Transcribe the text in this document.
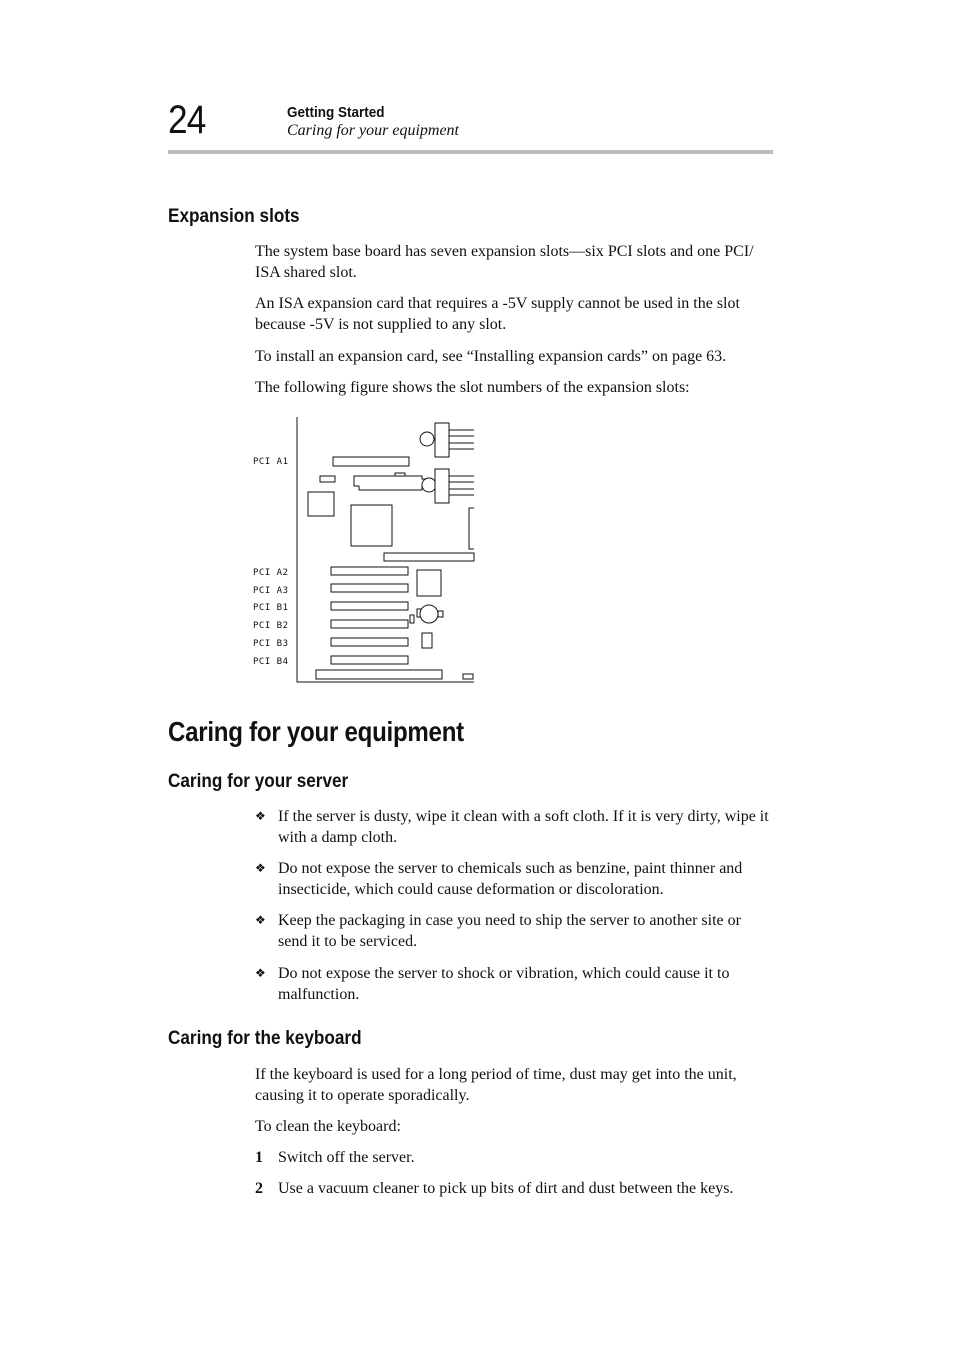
24	Getting Started
Caring for your equipment
Expansion slots

The system base board has seven expansion slots—six PCI slots and one PCI/ ISA shared slot.

An ISA expansion card that requires a -5V supply cannot be used in the slot because -5V is not supplied to any slot.

To install an expansion card, see “Installing expansion cards” on page 63.

The following figure shows the slot numbers of the expansion slots:

PCI A1
PCI A2
PCI A3
PCI B1
PCI B2
PCI B3
PCI B4
Caring for your equipment
Caring for your server
❖ If the server is dusty, wipe it clean with a soft cloth. If it is very dirty, wipe it with a damp cloth.
❖ Do not expose the server to chemicals such as benzine, paint thinner and insecticide, which could cause deformation or discoloration.
❖ Keep the packaging in case you need to ship the server to another site or send it to be serviced.
❖ Do not expose the server to shock or vibration, which could cause it to malfunction.
Caring for the keyboard

If the keyboard is used for a long period of time, dust may get into the unit, causing it to operate sporadically.

To clean the keyboard:

1 Switch off the server.
2 Use a vacuum cleaner to pick up bits of dirt and dust between the keys.
